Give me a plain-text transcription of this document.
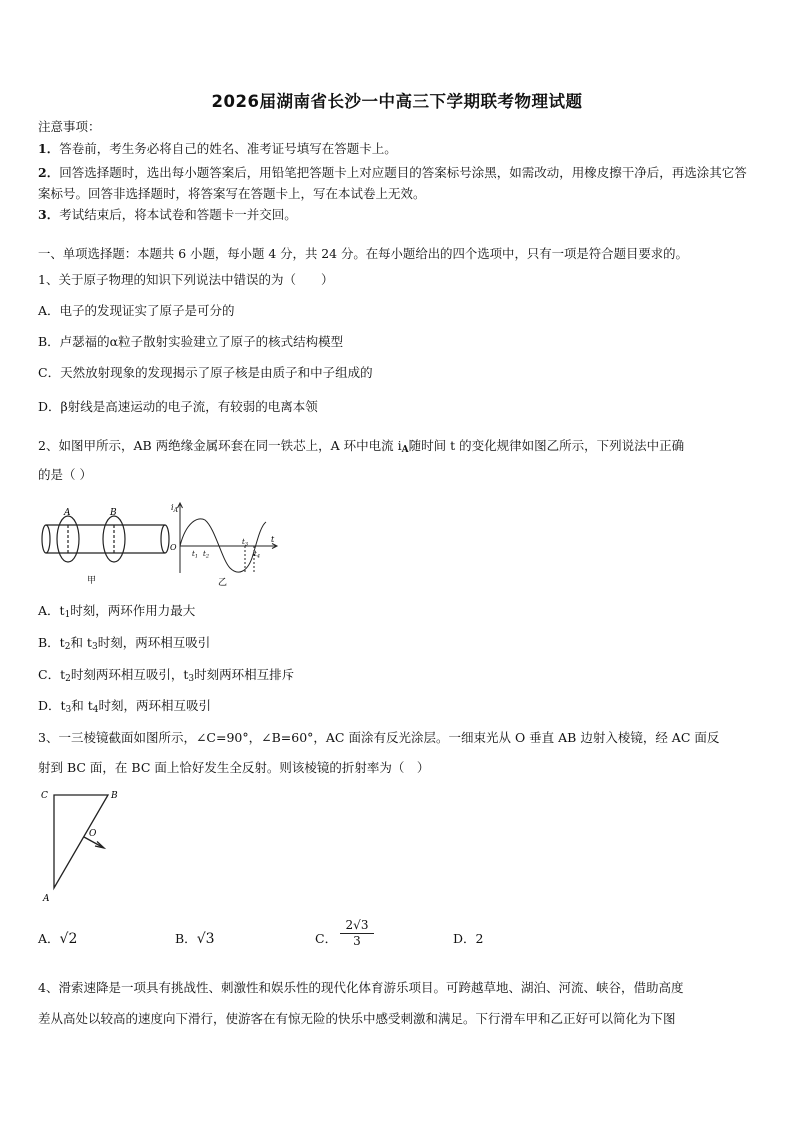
2026届湖南省长沙一中高三下学期联考物理试题
注意事项：
1．答卷前，考生务必将自己的姓名、准考证号填写在答题卡上。
2．回答选择题时，选出每小题答案后，用铅笔把答题卡上对应题目的答案标号涂黑，如需改动，用橡皮擦干净后，再选涂其它答案标号。回答非选择题时，将答案写在答题卡上，写在本试卷上无效。
3．考试结束后，将本试卷和答题卡一并交回。
一、单项选择题：本题共 6 小题，每小题 4 分，共 24 分。在每小题给出的四个选项中，只有一项是符合题目要求的。
1、关于原子物理的知识下列说法中错误的为（　　）
A．电子的发现证实了原子是可分的
B．卢瑟福的α粒子散射实验建立了原子的核式结构模型
C．天然放射现象的发现揭示了原子核是由质子和中子组成的
D．β射线是高速运动的电子流，有较弱的电离本领
2、如图甲所示，AB 两绝缘金属环套在同一铁芯上，A 环中电流 $i_A$随时间 t 的变化规律如图乙所示，下列说法中正确
的是（ ）
A	B
甲
$i_A$
O
t
$t_1$ $t_2$
$t_3$
$t_4$
乙
A．$t_1$时刻，两环作用力最大
B．$t_2$和 $t_3$时刻，两环相互吸引
C．$t_2$时刻两环相互吸引，$t_3$时刻两环相互排斥
D．$t_3$和 $t_4$时刻，两环相互吸引
3、一三棱镜截面如图所示，∠C=90°，∠B=60°，AC 面涂有反光涂层。一细束光从 O 垂直 AB 边射入棱镜，经 AC 面反
射到 BC 面，在 BC 面上恰好发生全反射。则该棱镜的折射率为（　）
C	B
O
A
A．√2	B．√3	C．
2√3
3	D．2
4、滑索速降是一项具有挑战性、刺激性和娱乐性的现代化体育游乐项目。可跨越草地、湖泊、河流、峡谷，借助高度
差从高处以较高的速度向下滑行，使游客在有惊无险的快乐中感受刺激和满足。下行滑车甲和乙正好可以简化为下图
